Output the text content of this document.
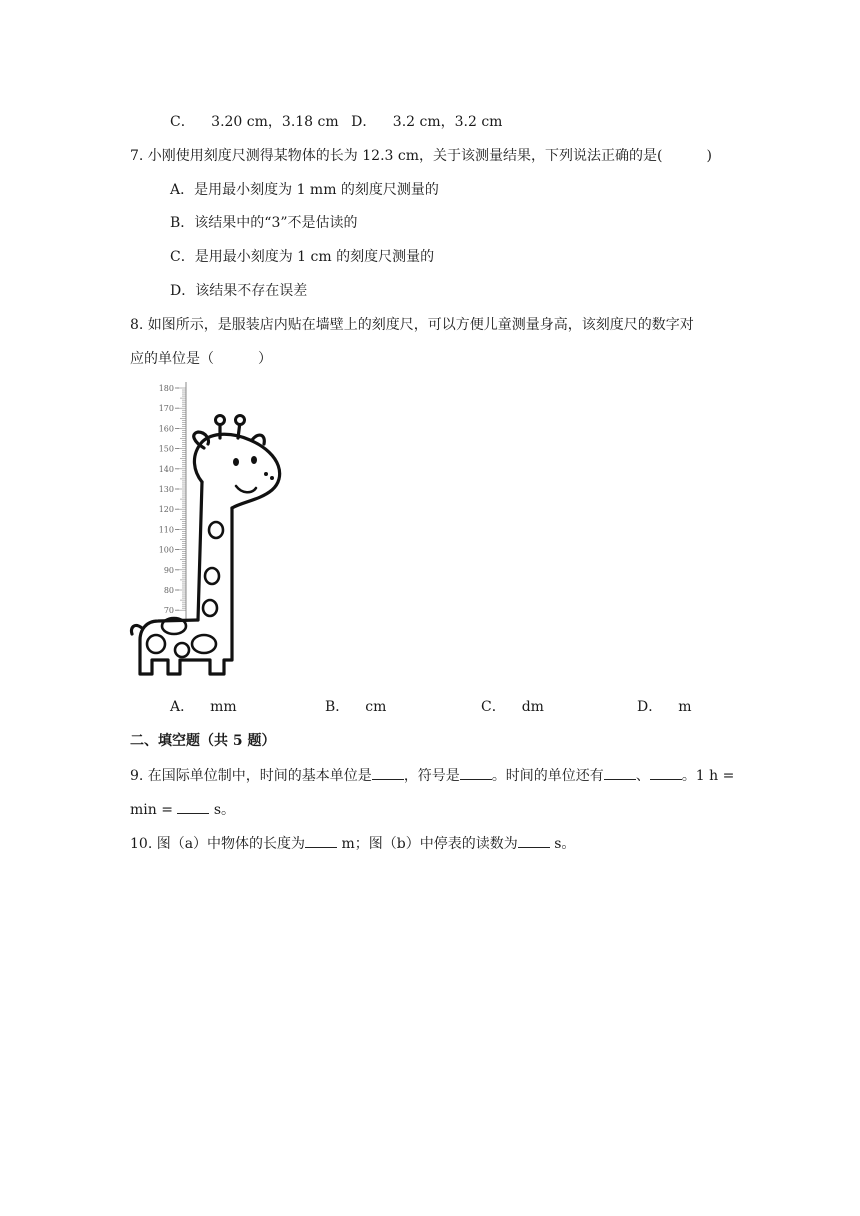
C． 3.20 cm，3.18 cm D． 3.2 cm，3.2 cm
7. 小刚使用刻度尺测得某物体的长为 12.3 cm，关于该测量结果，下列说法正确的是(	)
A．是用最小刻度为 1 mm 的刻度尺测量的
B．该结果中的“3”不是估读的
C．是用最小刻度为 1 cm 的刻度尺测量的
D．该结果不存在误差
8. 如图所示，是服装店内贴在墙壁上的刻度尺，可以方便儿童测量身高，该刻度尺的数字对
应的单位是（	）
180
170
160
150
140
130
120
110
100
90
80
70
A． mm	B． cm	C． dm	D． m
二、填空题（共 5 题）
9. 在国际单位制中，时间的基本单位是 ，符号是 。时间的单位还有 、 。1 h =
min =  s。
10. 图（a）中物体的长度为 m；图（b）中停表的读数为 s。
